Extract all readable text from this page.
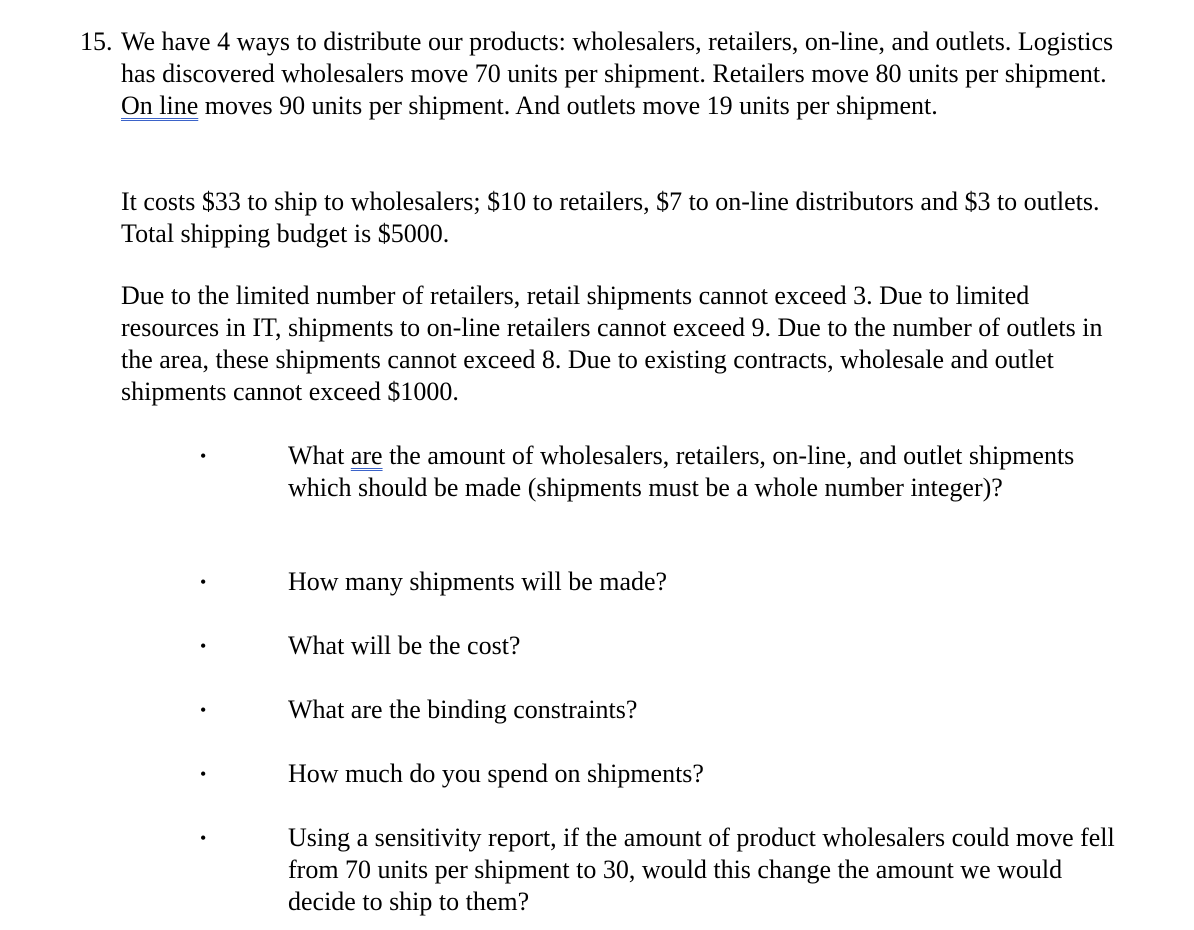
15. We have 4 ways to distribute our products: wholesalers, retailers, on-line, and outlets. Logistics has discovered wholesalers move 70 units per shipment. Retailers move 80 units per shipment. On line moves 90 units per shipment. And outlets move 19 units per shipment.

It costs $33 to ship to wholesalers; $10 to retailers, $7 to on-line distributors and $3 to outlets. Total shipping budget is $5000.

Due to the limited number of retailers, retail shipments cannot exceed 3. Due to limited resources in IT, shipments to on-line retailers cannot exceed 9. Due to the number of outlets in the area, these shipments cannot exceed 8. Due to existing contracts, wholesale and outlet shipments cannot exceed $1000.

•	What are the amount of wholesalers, retailers, on-line, and outlet shipments which should be made (shipments must be a whole number integer)?
•	How many shipments will be made?
•	What will be the cost?
•	What are the binding constraints?
•	How much do you spend on shipments?
•	Using a sensitivity report, if the amount of product wholesalers could move fell from 70 units per shipment to 30, would this change the amount we would decide to ship to them?
